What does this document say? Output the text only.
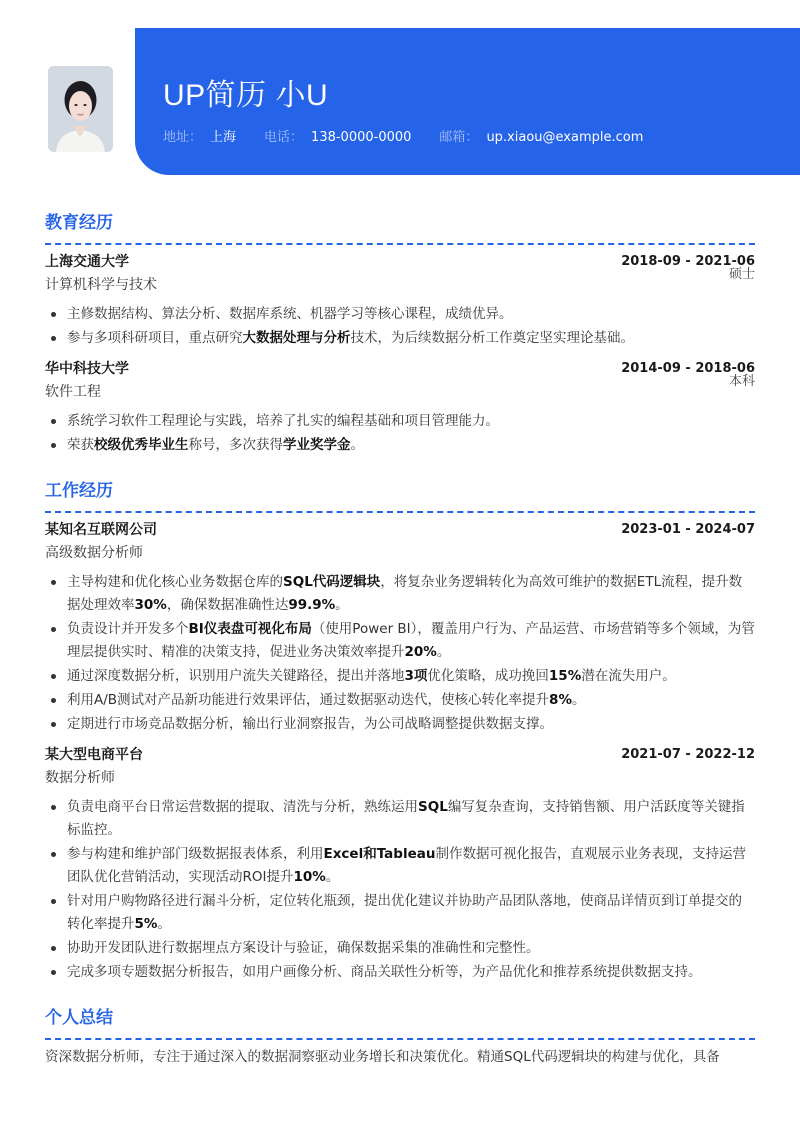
UP简历 小U
地址： 上海 电话： 138-0000-0000 邮箱： up.xiaou@example.com
教育经历
上海交通大学	2018-09 - 2021-06
计算机科学与技术
硕士
主修数据结构、算法分析、数据库系统、机器学习等核心课程，成绩优异。
参与多项科研项目，重点研究大数据处理与分析技术，为后续数据分析工作奠定坚实理论基础。
华中科技大学	2014-09 - 2018-06
软件工程
本科
系统学习软件工程理论与实践，培养了扎实的编程基础和项目管理能力。
荣获校级优秀毕业生称号，多次获得学业奖学金。
工作经历
某知名互联网公司	2023-01 - 2024-07
高级数据分析师
主导构建和优化核心业务数据仓库的SQL代码逻辑块，将复杂业务逻辑转化为高效可维护的数据ETL流程，提升数据处理效率30%，确保数据准确性达99.9%。
负责设计并开发多个BI仪表盘可视化布局（使用Power BI），覆盖用户行为、产品运营、市场营销等多个领域，为管理层提供实时、精准的决策支持，促进业务决策效率提升20%。
通过深度数据分析，识别用户流失关键路径，提出并落地3项优化策略，成功挽回15%潜在流失用户。
利用A/B测试对产品新功能进行效果评估，通过数据驱动迭代，使核心转化率提升8%。
定期进行市场竞品数据分析，输出行业洞察报告，为公司战略调整提供数据支撑。
某大型电商平台	2021-07 - 2022-12
数据分析师
负责电商平台日常运营数据的提取、清洗与分析，熟练运用SQL编写复杂查询，支持销售额、用户活跃度等关键指标监控。
参与构建和维护部门级数据报表体系，利用Excel和Tableau制作数据可视化报告，直观展示业务表现，支持运营团队优化营销活动，实现活动ROI提升10%。
针对用户购物路径进行漏斗分析，定位转化瓶颈，提出优化建议并协助产品团队落地，使商品详情页到订单提交的转化率提升5%。
协助开发团队进行数据埋点方案设计与验证，确保数据采集的准确性和完整性。
完成多项专题数据分析报告，如用户画像分析、商品关联性分析等，为产品优化和推荐系统提供数据支持。
个人总结
资深数据分析师，专注于通过深入的数据洞察驱动业务增长和决策优化。精通SQL代码逻辑块的构建与优化，具备
